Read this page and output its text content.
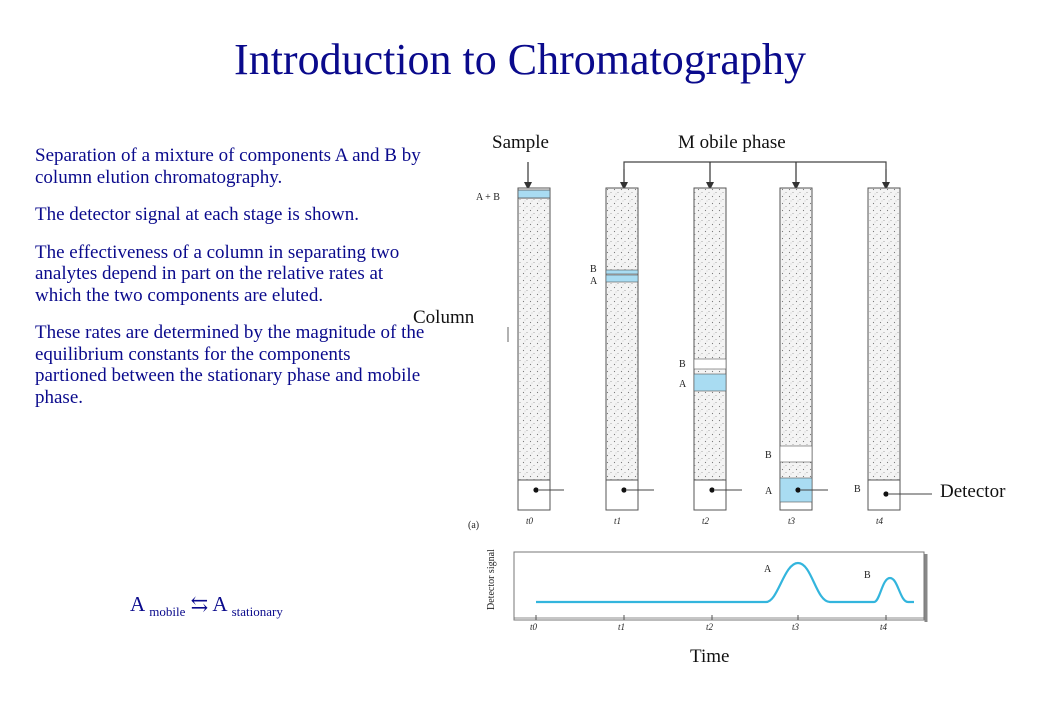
Introduction to Chromatography

Separation of a mixture of components A and B by column elution chromatography.

The detector signal at each stage is shown.

The effectiveness of a column in separating two analytes depend in part on the relative rates at which the two components are eluted.

These rates are determined by the magnitude of the equilibrium constants for the components partioned between the stationary phase and mobile phase.

A $_{mobile}$ ⇆ A $_{stationary}$
Sample	M obile phase
Column
Detector
Time
A + B
t0
B
A
t1
B
A
t2
B
A
t3
B
t4
(a)
Detector signal	A
B
t0	t1	t2	t3	t4
